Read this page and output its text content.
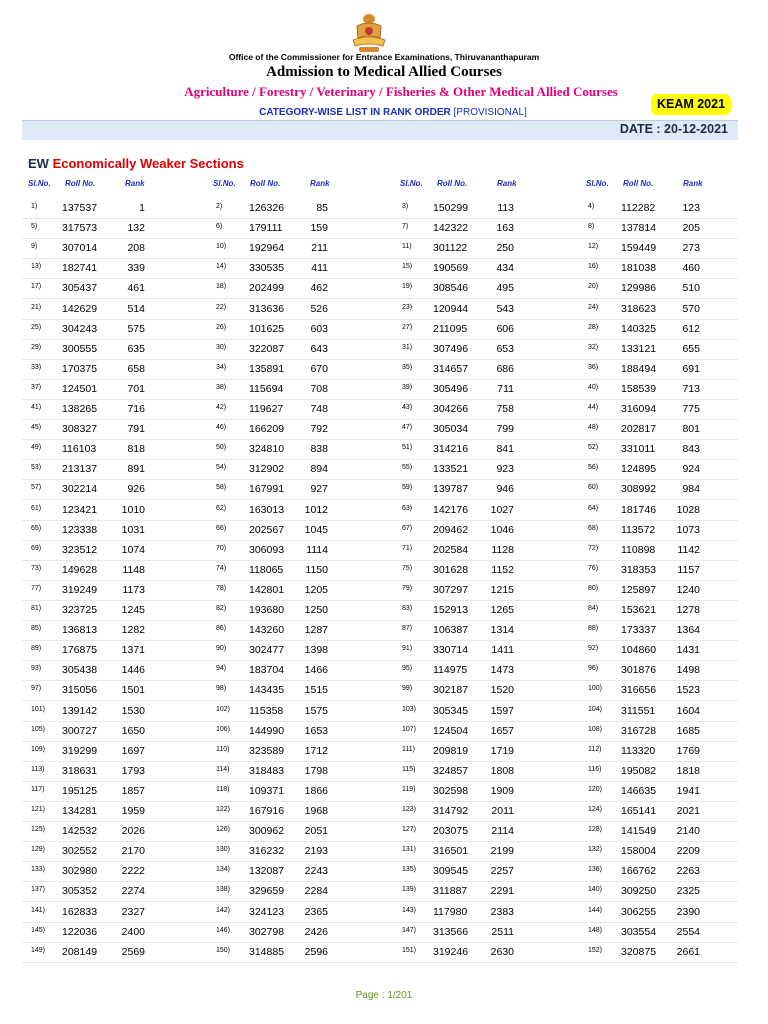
Office of the Commissioner for Entrance Examinations, Thiruvananthapuram
Admission to Medical Allied Courses
Agriculture / Forestry / Veterinary / Fisheries & Other Medical Allied Courses
KEAM 2021
CATEGORY-WISE LIST IN RANK ORDER [PROVISIONAL]
DATE : 20-12-2021
EW Economically Weaker Sections
Sl.No. Roll No.	Rank	Sl.No. Roll No.	Rank	Sl.No. Roll No.	Rank	Sl.No. Roll No.	Rank
1) 137537	1	2)	126326	85	3) 150299	113	4)	112282	123
5) 317573	132	6)	179111	159	7) 142322	163	8)	137814	205
9) 307014	208	10) 192964	211	11) 301122	250	12) 159449	273
13) 182741	339	14) 330535	411	15) 190569	434	16) 181038	460
17) 305437	461	18) 202499	462	19) 308546	495	20) 129986	510
21) 142629	514	22) 313636	526	23) 120944	543	24) 318623	570
25) 304243	575	26) 101625	603	27) 211095	606	28) 140325	612
29) 300555	635	30) 322087	643	31) 307496	653	32) 133121	655
33) 170375	658	34) 135891	670	35) 314657	686	36) 188494	691
37) 124501	701	38) 115694	708	39) 305496	711	40) 158539	713
41) 138265	716	42) 119627	748	43) 304266	758	44) 316094	775
45) 308327	791	46) 166209	792	47) 305034	799	48) 202817	801
49) 116103	818	50) 324810	838	51) 314216	841	52) 331011	843
53) 213137	891	54) 312902	894	55) 133521	923	56) 124895	924
57) 302214	926	58) 167991	927	59) 139787	946	60) 308992	984
61) 123421	1010	62) 163013	1012	63) 142176	1027	64) 181746	1028
65) 123338	1031	66) 202567	1045	67) 209462	1046	68) 113572	1073
69) 323512	1074	70) 306093	1114	71) 202584	1128	72) 110898	1142
73) 149628	1148	74) 118065	1150	75) 301628	1152	76) 318353	1157
77) 319249	1173	78) 142801	1205	79) 307297	1215	80) 125897	1240
81) 323725	1245	82) 193680	1250	83) 152913	1265	84) 153621	1278
85) 136813	1282	86) 143260	1287	87) 106387	1314	88) 173337	1364
89) 176875	1371	90) 302477	1398	91) 330714	1411	92) 104860	1431
93) 305438	1446	94) 183704	1466	95) 114975	1473	96) 301876	1498
97) 315056	1501	98) 143435	1515	99) 302187	1520	100) 316656	1523
101) 139142	1530	102) 115358	1575	103) 305345	1597	104) 311551	1604
105) 300727	1650	106) 144990	1653	107) 124504	1657	108) 316728	1685
109) 319299	1697	110) 323589	1712	111) 209819	1719	112) 113320	1769
113) 318631	1793	114) 318483	1798	115) 324857	1808	116) 195082	1818
117) 195125	1857	118) 109371	1866	119) 302598	1909	120) 146635	1941
121) 134281	1959	122) 167916	1968	123) 314792	2011	124) 165141	2021
125) 142532	2026	126) 300962	2051	127) 203075	2114	128) 141549	2140
129) 302552	2170	130) 316232	2193	131) 316501	2199	132) 158004	2209
133) 302980	2222	134) 132087	2243	135) 309545	2257	136) 166762	2263
137) 305352	2274	138) 329659	2284	139) 311887	2291	140) 309250	2325
141) 162833	2327	142) 324123	2365	143) 117980	2383	144) 306255	2390
145) 122036	2400	146) 302798	2426	147) 313566	2511	148) 303554	2554
149) 208149	2569	150) 314885	2596	151) 319246	2630	152) 320875	2661
Page : 1/201
